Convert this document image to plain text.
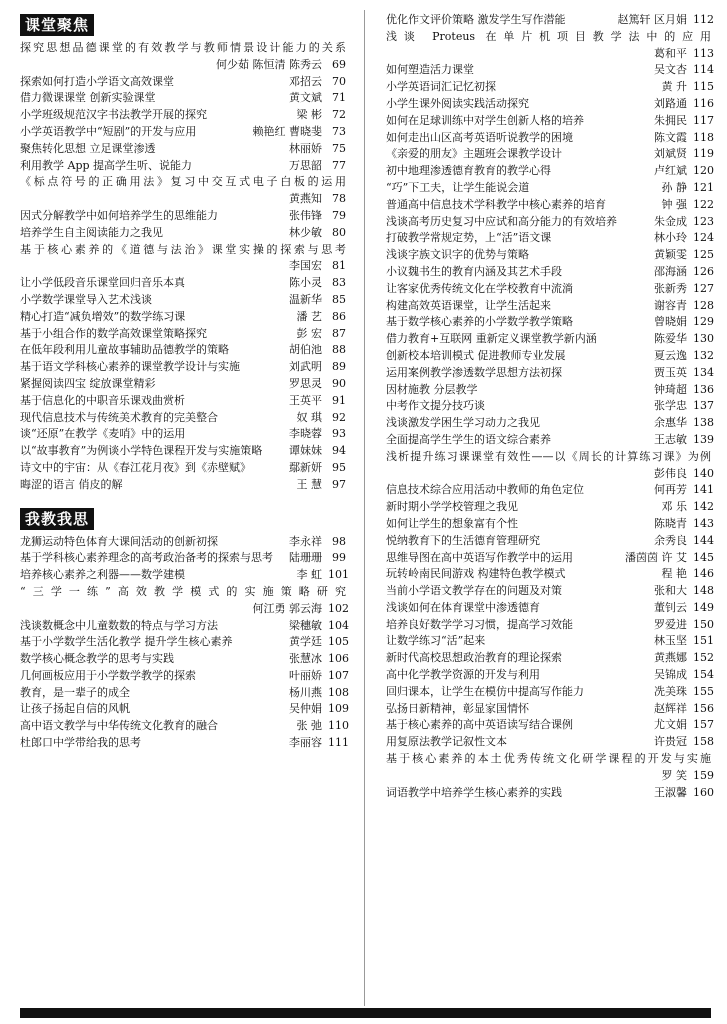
课堂聚焦
探究思想品德课堂的有效教学与教师情景设计能力的关系
何少茹 陈恒清 陈秀云 69
探索如何打造小学语文高效课堂	邓招云 70
借力微课课堂 创新实验课堂	黄文斌 71
小学班级规范汉字书法教学开展的探究	梁 彬 72
小学英语教学中“短剧”的开发与应用	赖艳红 曹晓斐 73
聚焦转化思想 立足课堂渗透	林丽娇 75
利用教学 App 提高学生听、说能力	万思韶 77
《标点符号的正确用法》复习中交互式电子白板的运用
黄燕知 78
因式分解教学中如何培养学生的思维能力	张伟锋 79
培养学生自主阅读能力之我见	林少敏 80
基于核心素养的《道德与法治》课堂实操的探索与思考
李国宏 81
让小学低段音乐课堂回归音乐本真	陈小灵 83
小学数学课堂导入艺术浅谈	温新华 85
精心打造“减负增效”的数学练习课	潘 艺 86
基于小组合作的数学高效课堂策略探究	彭 宏 87
在低年段利用儿童故事辅助品德教学的策略	胡伯池 88
基于语文学科核心素养的课堂教学设计与实施	刘武明 89
紧握阅读四宝 绽放课堂精彩	罗思灵 90
基于信息化的中职音乐课戏曲赏析	王英平 91
现代信息技术与传统美术教育的完美整合	奴 琪 92
谈“还原”在教学《麦哨》中的运用	李晓蓉 93
以“故事教育”为例谈小学特色课程开发与实施策略	谭妹妹 94
诗文中的宇宙：从《春江花月夜》到《赤壁赋》	鄢新妍 95
晦涩的语言 俏皮的解	王 慧 97
我教我思
龙狮运动特色体育大课间活动的创新初探	李永祥 98
基于学科核心素养理念的高考政治备考的探索与思考	陆珊珊 99
培养核心素养之利器——数学建模	李 虹 101
“三学一练”高效教学模式的实施策略研究
何江勇 郭云海 102
浅谈数概念中儿童数数的特点与学习方法	梁穗敏 104
基于小学数学生活化教学 提升学生核心素养	黄学廷 105
数学核心概念教学的思考与实践	张慧冰 106
几何画板应用于小学数学教学的探索	叶丽娇 107
教育，是一辈子的成全	杨川燕 108
让孩子扬起自信的风帆	吴仲娟 109
高中语文教学与中华传统文化教育的融合	张 弛 110
杜郎口中学带给我的思考	李丽容 111
优化作文评价策略 激发学生写作潜能	赵篤轩 区月娟 112
浅谈 Proteus 在单片机项目教学法中的应用
葛和平 113
如何塑造活力课堂	吴文杏 114
小学英语词汇记忆初探	黄 升 115
小学生课外阅读实践活动探究	刘路通 116
如何在足球训练中对学生创新人格的培养	朱拥民 117
如何走出山区高考英语听说教学的困境	陈文霞 118
《亲爱的朋友》主题班会课教学设计	刘斌贤 119
初中地理渗透德育教育的教学心得	卢红斌 120
“巧”下工夫，让学生能说会道	孙 静 121
普通高中信息技术学科教学中核心素养的培育	钟 强 122
浅谈高考历史复习中应试和高分能力的有效培养	朱金成 123
打破教学常规定势，上“活”语文课	林小玲 124
浅谈字族文识字的优势与策略	黄颖雯 125
小议魏书生的教育内涵及其艺术手段	邵海涵 126
让客家优秀传统文化在学校教育中流淌	张新秀 127
构建高效英语课堂，让学生活起来	谢容青 128
基于数学核心素养的小学数学教学策略	曾晓娟 129
借力教育+互联网 重新定义课堂教学新内涵	陈爱华 130
创新校本培训模式 促进教师专业发展	夏云逸 132
运用案例教学渗透数学思想方法初探	贾玉英 134
因材施教 分层教学	钟琦超 136
中考作文提分技巧谈	张学忠 137
浅谈激发学困生学习动力之我见	余惠华 138
全面提高学生学生的语文综合素养	王志敏 139
浅析提升练习课课堂有效性——以《周长的计算练习课》为例
彭伟良 140
信息技术综合应用活动中教师的角色定位	何再芳 141
新时期小学学校管理之我见	邓 乐 142
如何让学生的想象富有个性	陈晓青 143
悦纳教育下的生活德育管理研究	余秀良 144
思维导图在高中英语写作教学中的运用	潘茵茵 许 艾 145
玩转岭南民间游戏 构建特色教学模式	程 艳 146
当前小学语文教学存在的问题及对策	张和大 148
浅谈如何在体育课堂中渗透德育	董钊云 149
培养良好数学学习习惯，提高学习效能	罗爱进 150
让数学练习“活”起来	林玉坚 151
新时代高校思想政治教育的理论探索	黄燕娜 152
高中化学教学资源的开发与利用	吴锦成 154
回归课本，让学生在模仿中提高写作能力	冼美珠 155
弘扬日新精神，彰显家国情怀	赵辉祥 156
基于核心素养的高中英语读写结合课例	尤文娟 157
用复原法教学记叙性文本	许贵冠 158
基于核心素养的本土优秀传统文化研学课程的开发与实施
罗 笑 159
词语教学中培养学生核心素养的实践	王淑馨 160
